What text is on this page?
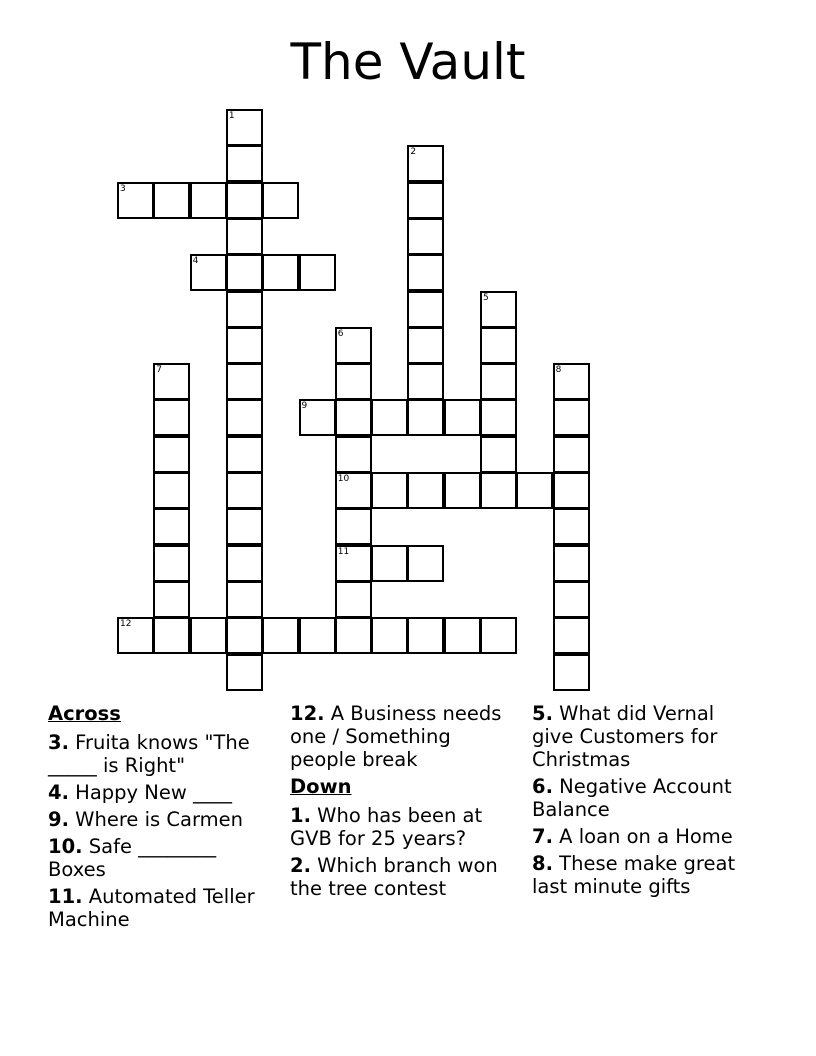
The Vault
1
2
3
4
5
6
7	8
9
10
11
12
Across
3. Fruita knows "The _____ is Right"
4. Happy New ____
9. Where is Carmen
10. Safe ________ Boxes
11. Automated Teller Machine
12. A Business needs one / Something people break
Down
1. Who has been at GVB for 25 years?
2. Which branch won the tree contest
5. What did Vernal give Customers for Christmas
6. Negative Account Balance
7. A loan on a Home
8. These make great last minute gifts
